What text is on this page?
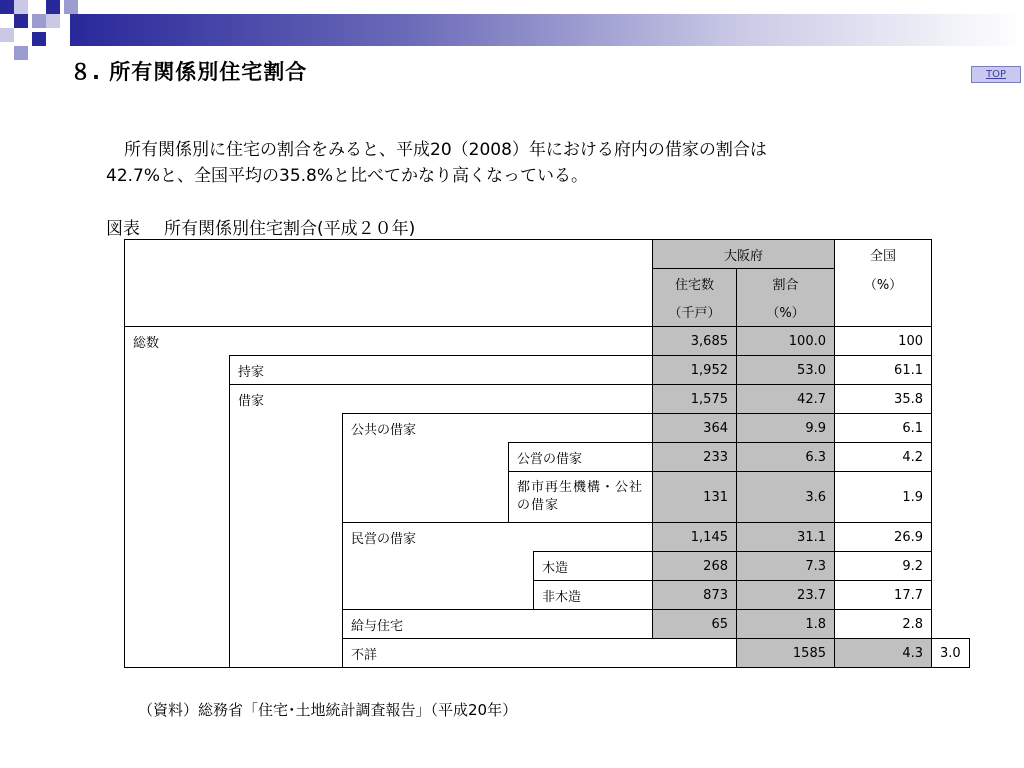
８. 所有関係別住宅割合	TOP
所有関係別に住宅の割合をみると、平成20（2008）年における府内の借家の割合は
42.7%と、全国平均の35.8%と比べてかなり高くなっている。
図表 所有関係別住宅割合(平成２０年)
					大阪府		全国	
					住宅数	割合	（%）	
					（千戸）	（%）		
総数					3,685	100.0	100	
	持家				1,952	53.0	61.1	
	借家				1,575	42.7	35.8	
		公共の借家			364	9.9	6.1	
			公営の借家		233	6.3	4.2	
			都市再生機構・公社の借家		131	3.6	1.9	
		民営の借家			1,145	31.1	26.9	
				木造	268	7.3	9.2	
				非木造	873	23.7	17.7	
		給与住宅			65	1.8	2.8	
		不詳				1585	4.3	3.0
（資料）総務省「住宅･土地統計調査報告」（平成20年）
